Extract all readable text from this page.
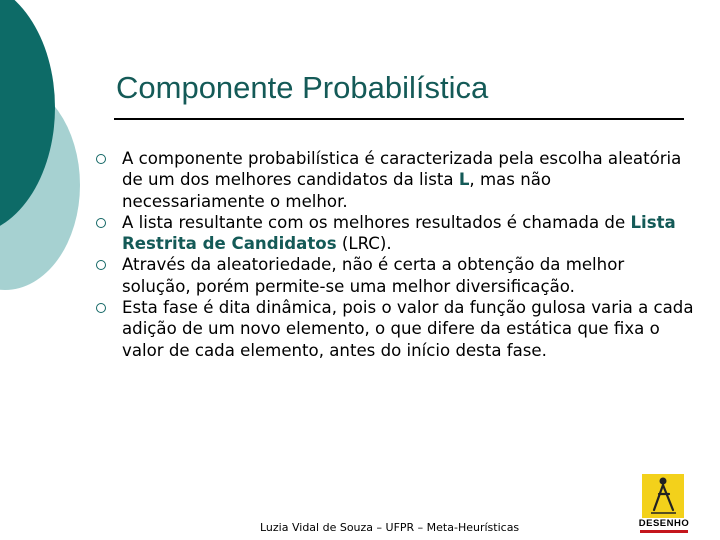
Componente Probabilística
A componente probabilística é caracterizada pela escolha aleatória de um dos melhores candidatos da lista L, mas não necessariamente o melhor.
A lista resultante com os melhores resultados é chamada de Lista Restrita de Candidatos (LRC).
Através da aleatoriedade, não é certa a obtenção da melhor solução, porém permite-se uma melhor diversificação.
Esta fase é dita dinâmica, pois o valor da função gulosa varia a cada adição de um novo elemento, o que difere da estática que fixa o valor de cada elemento, antes do início desta fase.
Luzia Vidal de Souza – UFPR – Meta-Heurísticas	DESENHO
